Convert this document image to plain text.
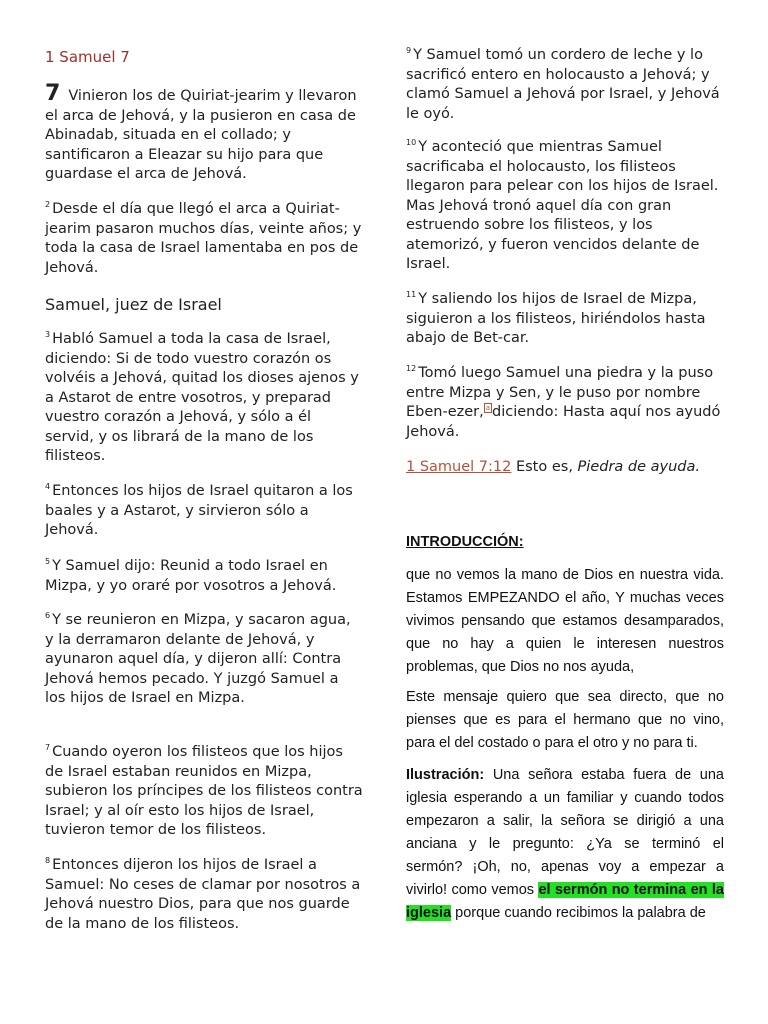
1 Samuel 7

7 Vinieron los de Quiriat-jearim y llevaron el arca de Jehová, y la pusieron en casa de Abinadab, situada en el collado; y santificaron a Eleazar su hijo para que guardase el arca de Jehová.

$^2$ Desde el día que llegó el arca a Quiriat-jearim pasaron muchos días, veinte años; y toda la casa de Israel lamentaba en pos de Jehová.

Samuel, juez de Israel

$^3$ Habló Samuel a toda la casa de Israel, diciendo: Si de todo vuestro corazón os volvéis a Jehová, quitad los dioses ajenos y a Astarot de entre vosotros, y preparad vuestro corazón a Jehová, y sólo a él servid, y os librará de la mano de los filisteos.

$^4$ Entonces los hijos de Israel quitaron a los baales y a Astarot, y sirvieron sólo a Jehová.

$^5$ Y Samuel dijo: Reunid a todo Israel en Mizpa, y yo oraré por vosotros a Jehová.

$^6$ Y se reunieron en Mizpa, y sacaron agua, y la derramaron delante de Jehová, y ayunaron aquel día, y dijeron allí: Contra Jehová hemos pecado. Y juzgó Samuel a los hijos de Israel en Mizpa.

$^7$ Cuando oyeron los filisteos que los hijos de Israel estaban reunidos en Mizpa, subieron los príncipes de los filisteos contra Israel; y al oír esto los hijos de Israel, tuvieron temor de los filisteos.

$^8$ Entonces dijeron los hijos de Israel a Samuel: No ceses de clamar por nosotros a Jehová nuestro Dios, para que nos guarde de la mano de los filisteos.

$^9$ Y Samuel tomó un cordero de leche y lo sacrificó entero en holocausto a Jehová; y clamó Samuel a Jehová por Israel, y Jehová le oyó.

$^{10}$ Y aconteció que mientras Samuel sacrificaba el holocausto, los filisteos llegaron para pelear con los hijos de Israel. Mas Jehová tronó aquel día con gran estruendo sobre los filisteos, y los atemorizó, y fueron vencidos delante de Israel.

$^{11}$ Y saliendo los hijos de Israel de Mizpa, siguieron a los filisteos, hiriéndolos hasta abajo de Bet-car.

$^{12}$ Tomó luego Samuel una piedra y la puso entre Mizpa y Sen, y le puso por nombre Eben-ezer, $^a$ diciendo: Hasta aquí nos ayudó Jehová.

1 Samuel 7:12 Esto es, Piedra de ayuda.

INTRODUCCIÓN:

que no vemos la mano de Dios en nuestra vida. Estamos EMPEZANDO el año, Y muchas veces vivimos pensando que estamos desamparados, que no hay a quien le interesen nuestros problemas, que Dios no nos ayuda,

Este mensaje quiero que sea directo, que no pienses que es para el hermano que no vino, para el del costado o para el otro y no para ti.

Ilustración: Una señora estaba fuera de una iglesia esperando a un familiar y cuando todos empezaron a salir, la señora se dirigió a una anciana y le pregunto: ¿Ya se terminó el sermón? ¡Oh, no, apenas voy a empezar a vivirlo! como vemos el sermón no termina en la iglesia porque cuando recibimos la palabra de
